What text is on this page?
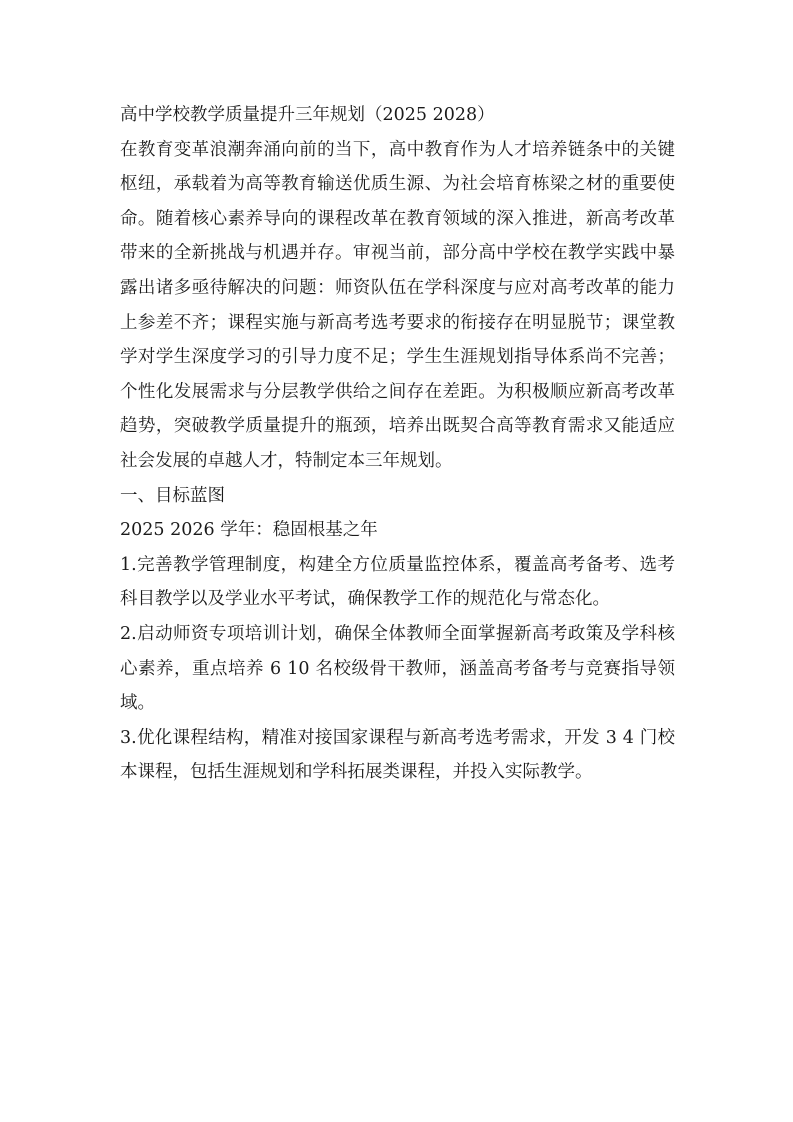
高中学校教学质量提升三年规划（2025 2028）

在教育变革浪潮奔涌向前的当下，高中教育作为人才培养链条中的关键枢纽，承载着为高等教育输送优质生源、为社会培育栋梁之材的重要使命。随着核心素养导向的课程改革在教育领域的深入推进，新高考改革带来的全新挑战与机遇并存。审视当前，部分高中学校在教学实践中暴露出诸多亟待解决的问题：师资队伍在学科深度与应对高考改革的能力上参差不齐；课程实施与新高考选考要求的衔接存在明显脱节；课堂教学对学生深度学习的引导力度不足；学生生涯规划指导体系尚不完善；个性化发展需求与分层教学供给之间存在差距。为积极顺应新高考改革趋势，突破教学质量提升的瓶颈，培养出既契合高等教育需求又能适应社会发展的卓越人才，特制定本三年规划。

一、目标蓝图

2025 2026 学年：稳固根基之年

1.完善教学管理制度，构建全方位质量监控体系，覆盖高考备考、选考科目教学以及学业水平考试，确保教学工作的规范化与常态化。

2.启动师资专项培训计划，确保全体教师全面掌握新高考政策及学科核心素养，重点培养 6 10 名校级骨干教师，涵盖高考备考与竞赛指导领域。

3.优化课程结构，精准对接国家课程与新高考选考需求，开发 3 4 门校本课程，包括生涯规划和学科拓展类课程，并投入实际教学。
